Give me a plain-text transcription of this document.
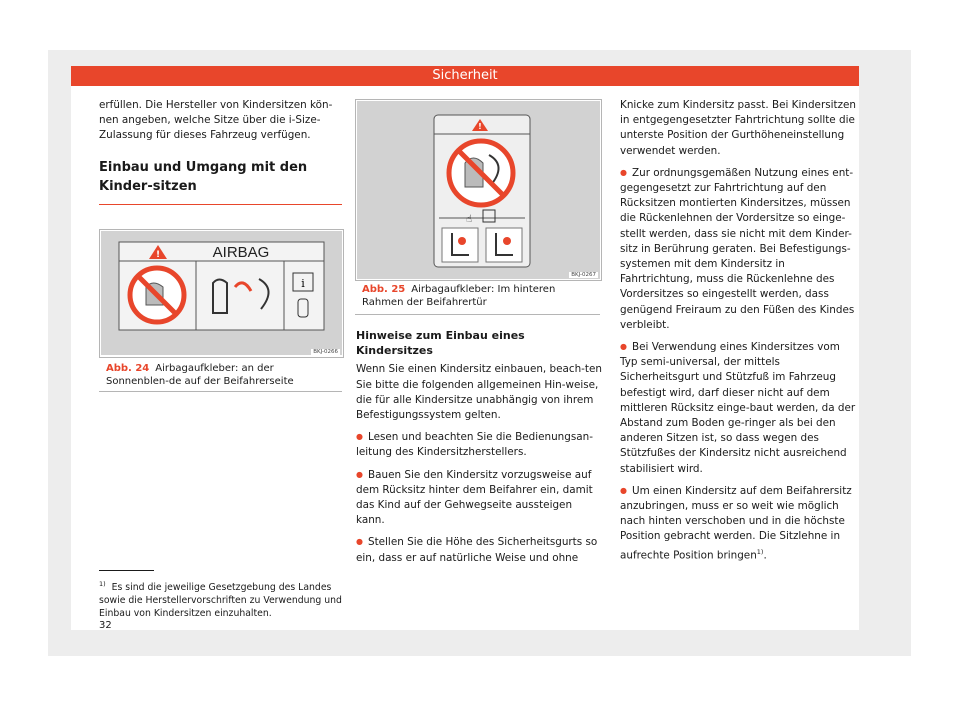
Sicherheit

erfüllen. Die Hersteller von Kindersitzen kön-nen angeben, welche Sitze über die i-Size-Zulassung für dieses Fahrzeug verfügen.

Einbau und Umgang mit den Kinder-sitzen
!	AIRBAG
i
BKJ-0266
Abb. 24 Airbagaufkleber: an der Sonnenblen-de auf der Beifahrerseite
!
☝
BKJ-0267
Abb. 25 Airbagaufkleber: Im hinteren Rahmen der Beifahrertür
Hinweise zum Einbau eines Kindersitzes

Wenn Sie einen Kindersitz einbauen, beach-ten Sie bitte die folgenden allgemeinen Hin-weise, die für alle Kindersitze unabhängig von ihrem Befestigungssystem gelten.

● Lesen und beachten Sie die Bedienungsan-leitung des Kindersitzherstellers.

● Bauen Sie den Kindersitz vorzugsweise auf dem Rücksitz hinter dem Beifahrer ein, damit das Kind auf der Gehwegseite aussteigen kann.

● Stellen Sie die Höhe des Sicherheitsgurts so ein, dass er auf natürliche Weise und ohne

Knicke zum Kindersitz passt. Bei Kindersitzen in entgegengesetzter Fahrtrichtung sollte die unterste Position der Gurthöheneinstellung verwendet werden.

● Zur ordnungsgemäßen Nutzung eines ent-gegengesetzt zur Fahrtrichtung auf den Rücksitzen montierten Kindersitzes, müssen die Rückenlehnen der Vordersitze so einge-stellt werden, dass sie nicht mit dem Kinder-sitz in Berührung geraten. Bei Befestigungs-systemen mit dem Kindersitz in Fahrtrichtung, muss die Rückenlehne des Vordersitzes so eingestellt werden, dass genügend Freiraum zu den Füßen des Kindes verbleibt.

● Bei Verwendung eines Kindersitzes vom Typ semi-universal, der mittels Sicherheitsgurt und Stützfuß im Fahrzeug befestigt wird, darf dieser nicht auf dem mittleren Rücksitz einge-baut werden, da der Abstand zum Boden ge-ringer als bei den anderen Sitzen ist, so dass wegen des Stützfußes der Kindersitz nicht ausreichend stabilisiert wird.

● Um einen Kindersitz auf dem Beifahrersitz anzubringen, muss er so weit wie möglich nach hinten verschoben und in die höchste Position gebracht werden. Die Sitzlehne in aufrechte Position bringen$^{1)}$.

$^{1)}$ Es sind die jeweilige Gesetzgebung des Landes sowie die Herstellervorschriften zu Verwendung und Einbau von Kindersitzen einzuhalten.
32
